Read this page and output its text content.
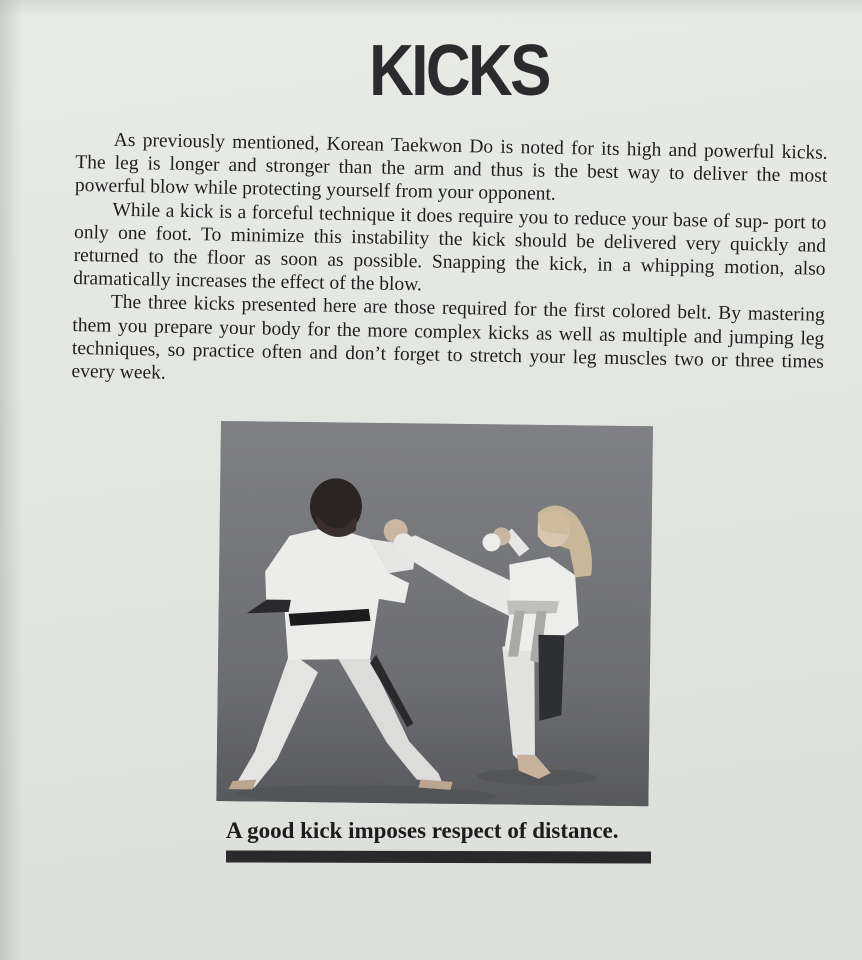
KICKS

As previously mentioned, Korean Taekwon Do is noted for its high and powerful kicks. The leg is longer and stronger than the arm and thus is the best way to deliver the most powerful blow while protecting yourself from your opponent.

While a kick is a forceful technique it does require you to reduce your base of sup- port to only one foot. To minimize this instability the kick should be delivered very quickly and returned to the floor as soon as possible. Snapping the kick, in a whipping motion, also dramatically increases the effect of the blow.

The three kicks presented here are those required for the first colored belt. By mastering them you prepare your body for the more complex kicks as well as multiple and jumping leg techniques, so practice often and don’t forget to stretch your leg muscles two or three times every week.

A good kick imposes respect of distance.
